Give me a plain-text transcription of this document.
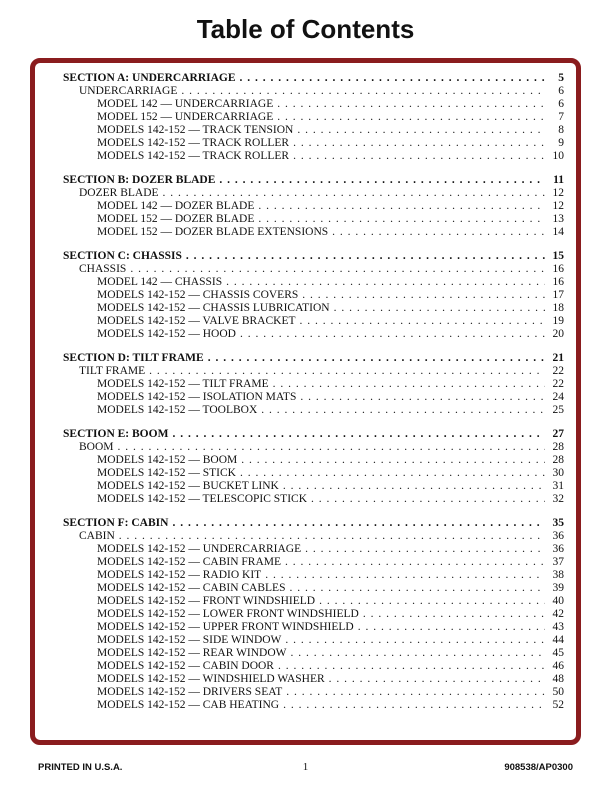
Table of Contents
SECTION A: UNDERCARRIAGE . . .	5
UNDERCARRIAGE . . .	6
MODEL 142 — UNDERCARRIAGE . . .	6
MODEL 152 — UNDERCARRIAGE . . .	7
MODELS 142-152 — TRACK TENSION . . .	8
MODELS 142-152 — TRACK ROLLER . . .	9
MODELS 142-152 — TRACK ROLLER . . .	10
SECTION B: DOZER BLADE . . .	11
DOZER BLADE . . .	12
MODEL 142 — DOZER BLADE . . .	12
MODEL 152 — DOZER BLADE . . .	13
MODEL 152 — DOZER BLADE EXTENSIONS . . .	14
SECTION C: CHASSIS . . .	15
CHASSIS . . .	16
MODEL 142 — CHASSIS . . .	16
MODELS 142-152 — CHASSIS COVERS . . .	17
MODELS 142-152 — CHASSIS LUBRICATION . . .	18
MODELS 142-152 — VALVE BRACKET . . .	19
MODELS 142-152 — HOOD . . .	20
SECTION D: TILT FRAME . . .	21
TILT FRAME . . .	22
MODELS 142-152 — TILT FRAME . . .	22
MODELS 142-152 — ISOLATION MATS . . .	24
MODELS 142-152 — TOOLBOX . . .	25
SECTION E: BOOM . . .	27
BOOM . . .	28
MODELS 142-152 — BOOM . . .	28
MODELS 142-152 — STICK . . .	30
MODELS 142-152 — BUCKET LINK . . .	31
MODELS 142-152 — TELESCOPIC STICK . . .	32
SECTION F: CABIN . . .	35
CABIN . . .	36
MODELS 142-152 — UNDERCARRIAGE . . .	36
MODELS 142-152 — CABIN FRAME . . .	37
MODELS 142-152 — RADIO KIT . . .	38
MODELS 142-152 — CABIN CABLES . . .	39
MODELS 142-152 — FRONT WINDSHIELD . . .	40
MODELS 142-152 — LOWER FRONT WINDSHIELD . . .	42
MODELS 142-152 — UPPER FRONT WINDSHIELD . . .	43
MODELS 142-152 — SIDE WINDOW . . .	44
MODELS 142-152 — REAR WINDOW . . .	45
MODELS 142-152 — CABIN DOOR . . .	46
MODELS 142-152 — WINDSHIELD WASHER . . .	48
MODELS 142-152 — DRIVERS SEAT . . .	50
MODELS 142-152 — CAB HEATING . . .	52
PRINTED IN U.S.A.	1	908538/AP0300
